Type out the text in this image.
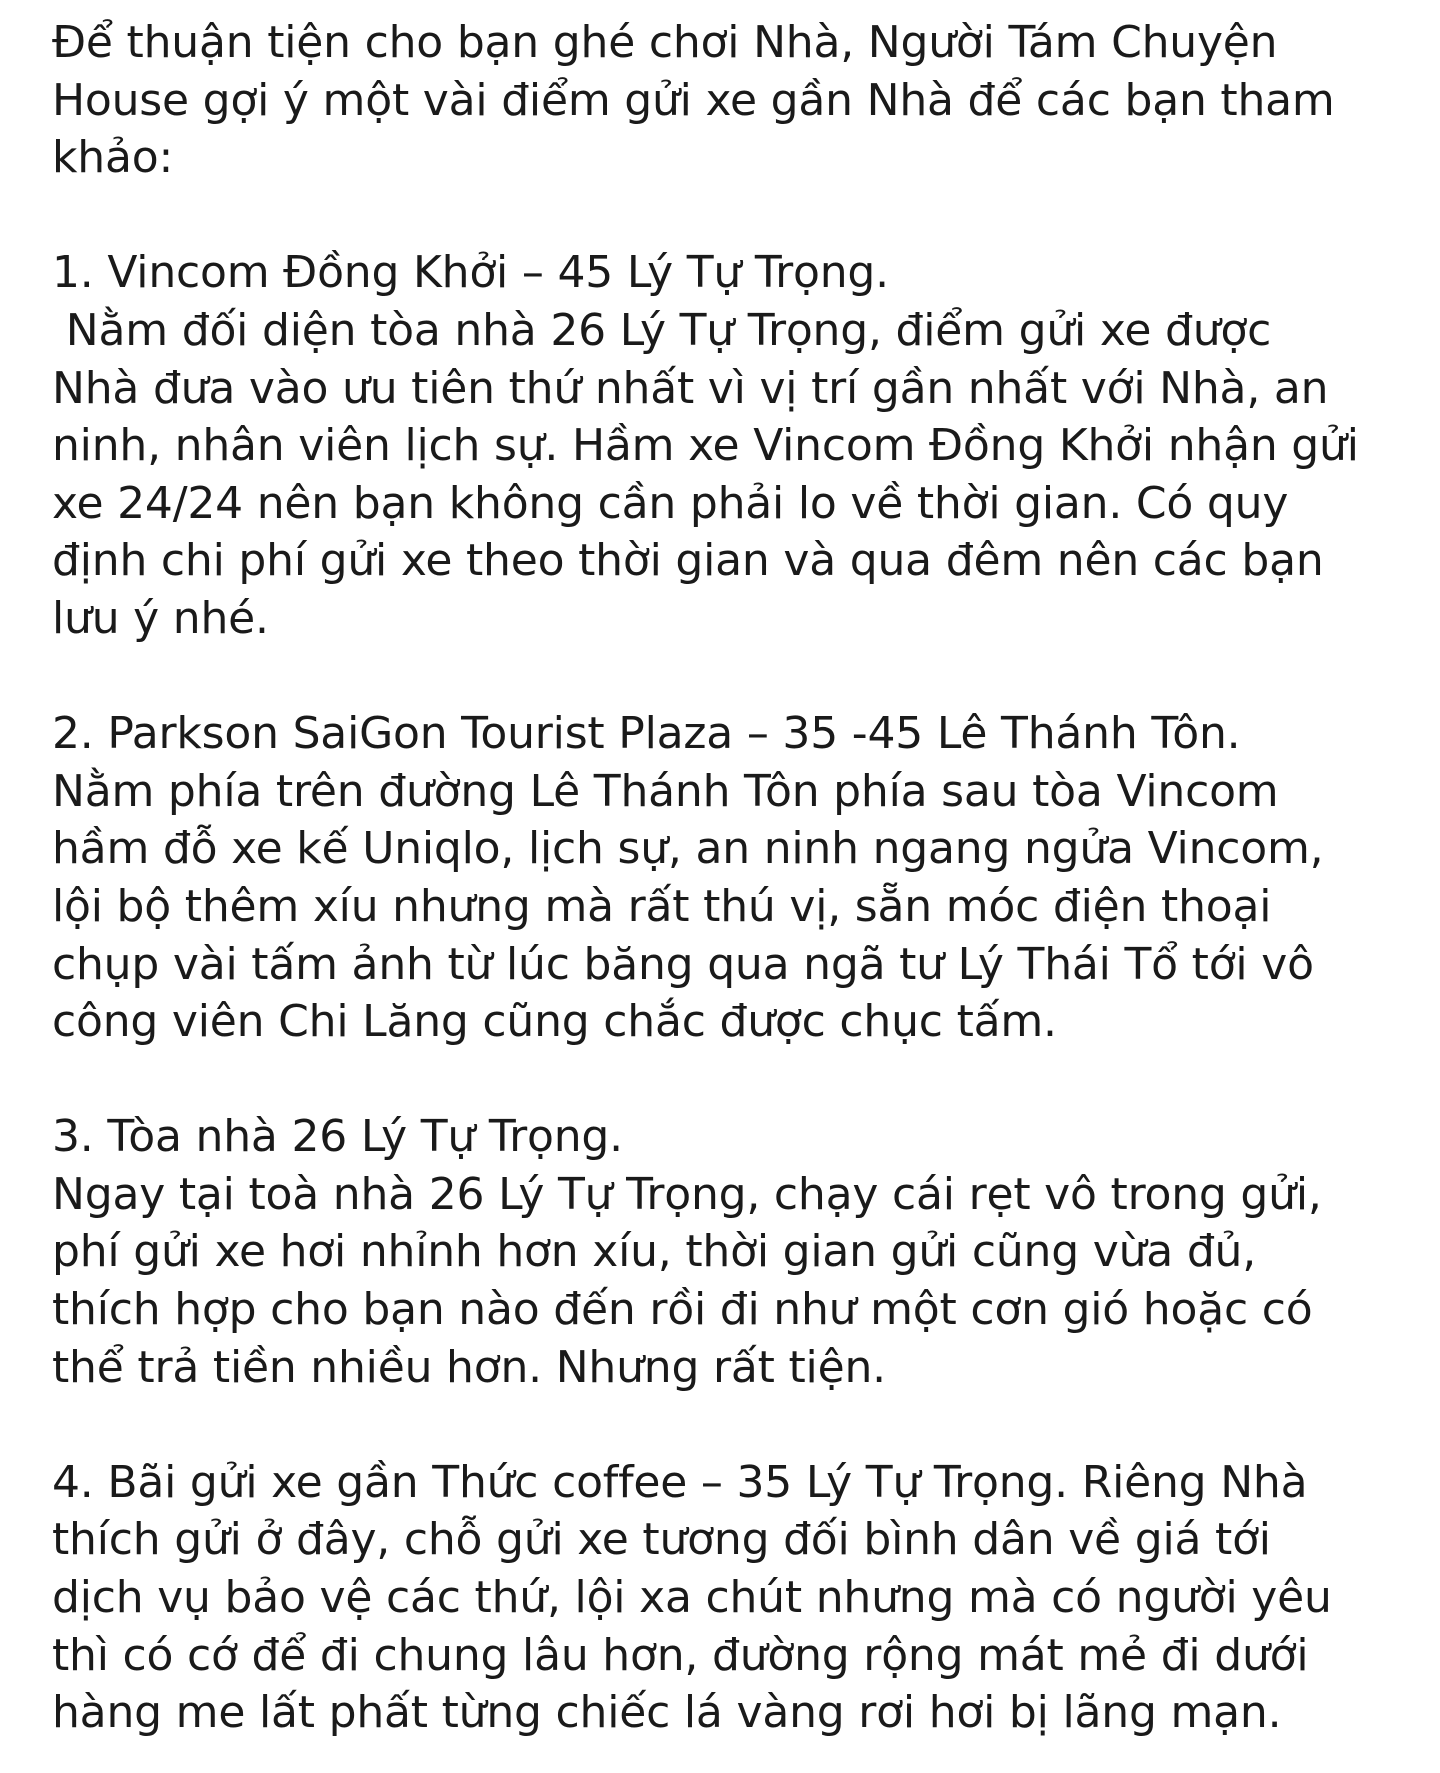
Để thuận tiện cho bạn ghé chơi Nhà, Người Tám Chuyện
House gợi ý một vài điểm gửi xe gần Nhà để các bạn tham
khảo:
1. Vincom Đồng Khởi – 45 Lý Tự Trọng.
Nằm đối diện tòa nhà 26 Lý Tự Trọng, điểm gửi xe được
Nhà đưa vào ưu tiên thứ nhất vì vị trí gần nhất với Nhà, an
ninh, nhân viên lịch sự. Hầm xe Vincom Đồng Khởi nhận gửi
xe 24/24 nên bạn không cần phải lo về thời gian. Có quy
định chi phí gửi xe theo thời gian và qua đêm nên các bạn
lưu ý nhé.
2. Parkson SaiGon Tourist Plaza – 35 -45 Lê Thánh Tôn.
Nằm phía trên đường Lê Thánh Tôn phía sau tòa Vincom
hầm đỗ xe kế Uniqlo, lịch sự, an ninh ngang ngửa Vincom,
lội bộ thêm xíu nhưng mà rất thú vị, sẵn móc điện thoại
chụp vài tấm ảnh từ lúc băng qua ngã tư Lý Thái Tổ tới vô
công viên Chi Lăng cũng chắc được chục tấm.
3. Tòa nhà 26 Lý Tự Trọng.
Ngay tại toà nhà 26 Lý Tự Trọng, chạy cái rẹt vô trong gửi,
phí gửi xe hơi nhỉnh hơn xíu, thời gian gửi cũng vừa đủ,
thích hợp cho bạn nào đến rồi đi như một cơn gió hoặc có
thể trả tiền nhiều hơn. Nhưng rất tiện.
4. Bãi gửi xe gần Thức coffee – 35 Lý Tự Trọng. Riêng Nhà
thích gửi ở đây, chỗ gửi xe tương đối bình dân về giá tới
dịch vụ bảo vệ các thứ, lội xa chút nhưng mà có người yêu
thì có cớ để đi chung lâu hơn, đường rộng mát mẻ đi dưới
hàng me lất phất từng chiếc lá vàng rơi hơi bị lãng mạn.
